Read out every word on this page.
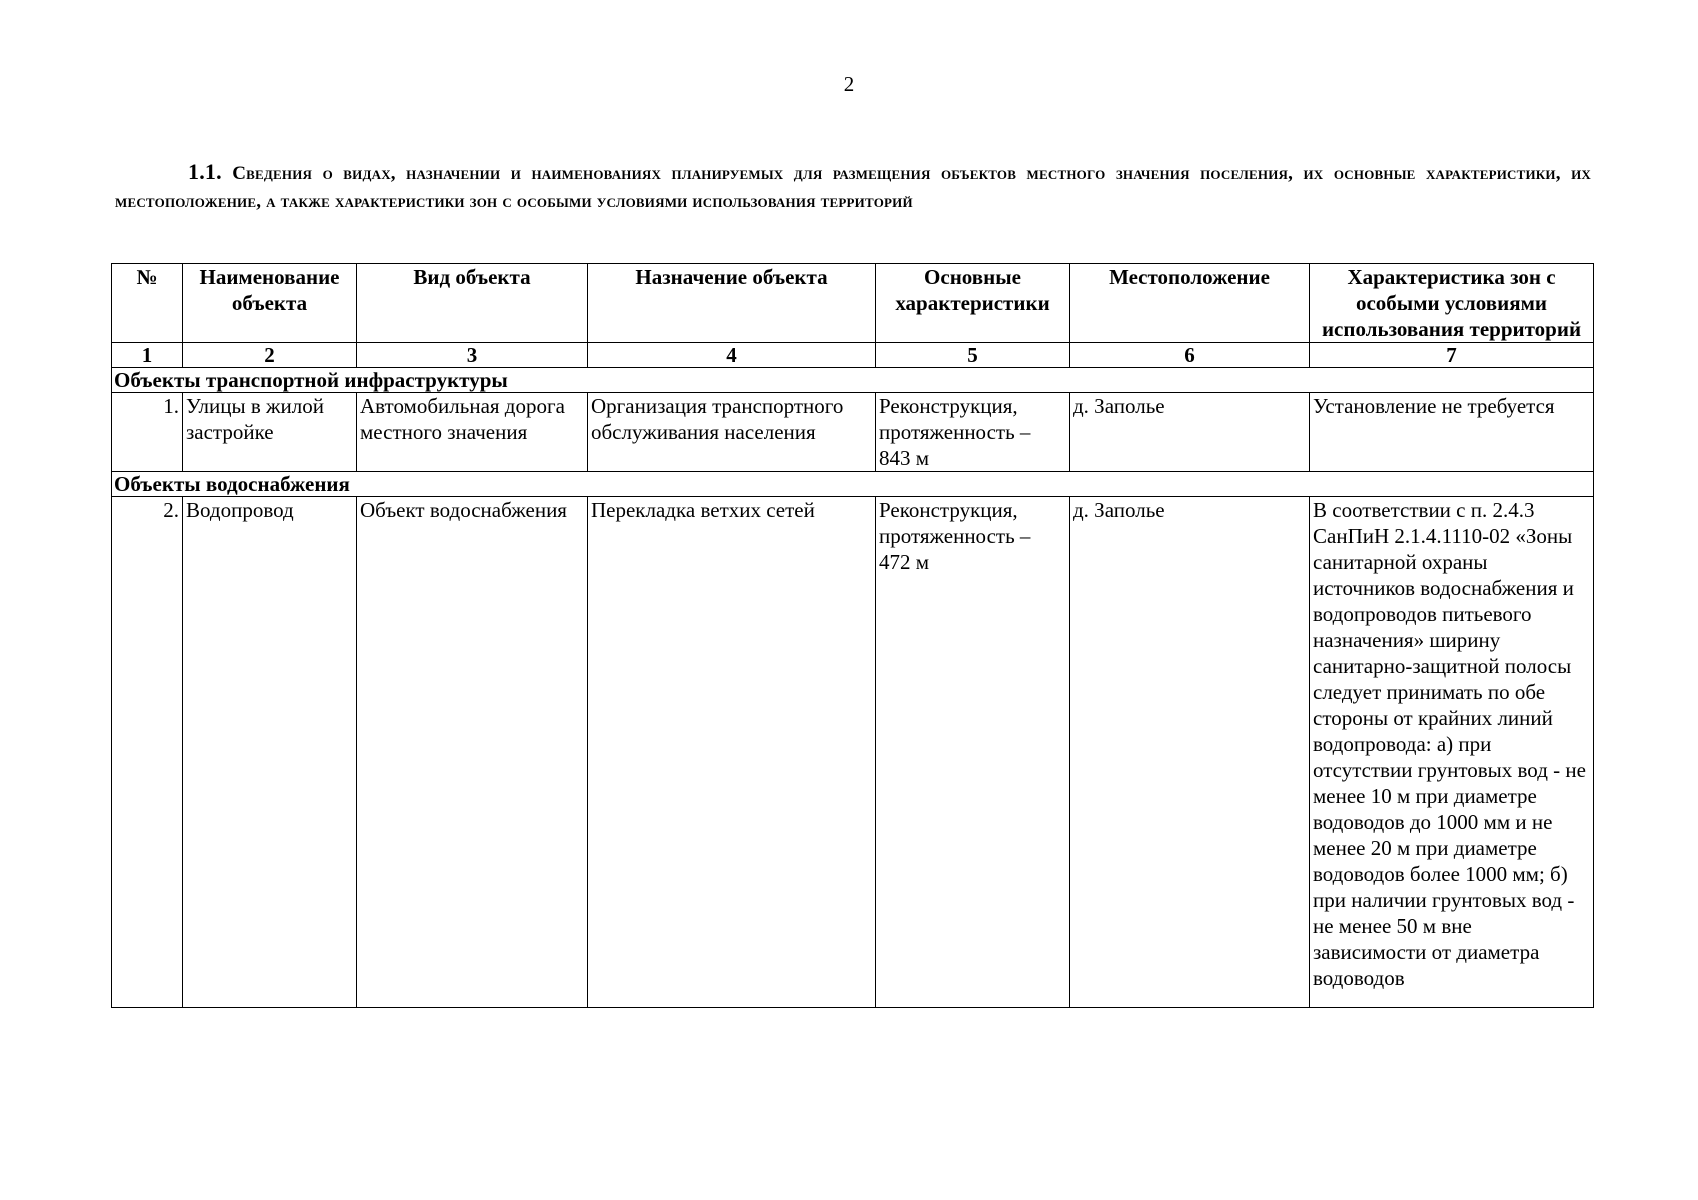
2
1.1. Сведения о видах, назначении и наименованиях планируемых для размещения объектов местного значения поселения, их основные характеристики, их местоположение, а также характеристики зон с особыми условиями использования территорий
№	Наименование объекта	Вид объекта	Назначение объекта	Основные характеристики	Местоположение	Характеристика зон с особыми условиями использования территорий
1	2	3	4	5	6	7
Объекты транспортной инфраструктуры						
1.	Улицы в жилой застройке	Автомобильная дорога местного значения	Организация транспортного обслуживания населения	Реконструкция, протяженность – 843 м	д. Заполье	Установление не требуется
Объекты водоснабжения						
2.	Водопровод	Объект водоснабжения	Перекладка ветхих сетей	Реконструкция, протяженность – 472 м	д. Заполье	В соответствии с п. 2.4.3 СанПиН 2.1.4.1110-02 «Зоны санитарной охраны источников водоснабжения и водопроводов питьевого назначения» ширину санитарно-защитной полосы следует принимать по обе стороны от крайних линий водопровода: а) при отсутствии грунтовых вод - не менее 10 м при диаметре водоводов до 1000 мм и не менее 20 м при диаметре водоводов более 1000 мм; б) при наличии грунтовых вод - не менее 50 м вне зависимости от диаметра водоводов
